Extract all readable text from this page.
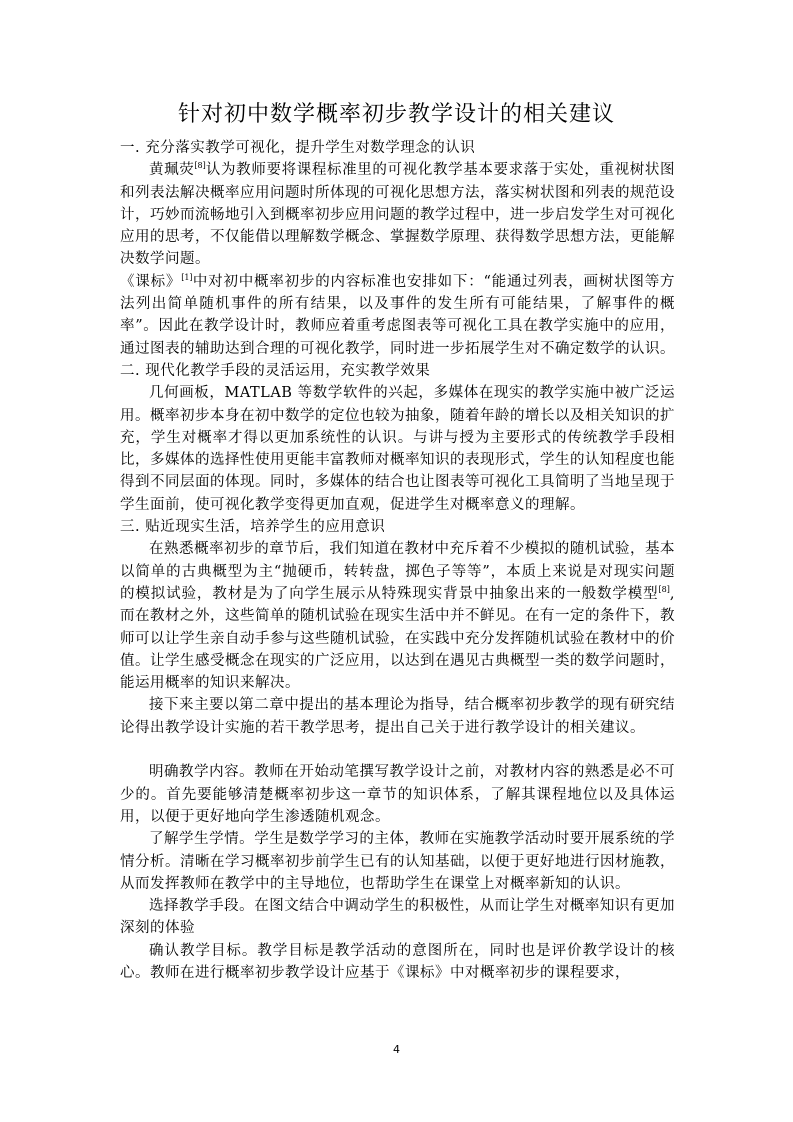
针对初中数学概率初步教学设计的相关建议

一. 充分落实教学可视化，提升学生对数学理念的认识

黄珮荧[8]认为教师要将课程标准里的可视化教学基本要求落于实处，重视树状图和列表法解决概率应用问题时所体现的可视化思想方法，落实树状图和列表的规范设计，巧妙而流畅地引入到概率初步应用问题的教学过程中，进一步启发学生对可视化应用的思考，不仅能借以理解数学概念、掌握数学原理、获得数学思想方法，更能解决数学问题。

《课标》[1]中对初中概率初步的内容标准也安排如下：“能通过列表，画树状图等方法列出简单随机事件的所有结果，以及事件的发生所有可能结果，了解事件的概率”。因此在教学设计时，教师应着重考虑图表等可视化工具在教学实施中的应用，通过图表的辅助达到合理的可视化教学，同时进一步拓展学生对不确定数学的认识。

二. 现代化教学手段的灵活运用，充实教学效果

几何画板，MATLAB 等数学软件的兴起，多媒体在现实的教学实施中被广泛运用。概率初步本身在初中数学的定位也较为抽象，随着年龄的增长以及相关知识的扩充，学生对概率才得以更加系统性的认识。与讲与授为主要形式的传统教学手段相比，多媒体的选择性使用更能丰富教师对概率知识的表现形式，学生的认知程度也能得到不同层面的体现。同时，多媒体的结合也让图表等可视化工具简明了当地呈现于学生面前，使可视化教学变得更加直观，促进学生对概率意义的理解。

三. 贴近现实生活，培养学生的应用意识

在熟悉概率初步的章节后，我们知道在教材中充斥着不少模拟的随机试验，基本以简单的古典概型为主“抛硬币，转转盘，掷色子等等”，本质上来说是对现实问题的模拟试验，教材是为了向学生展示从特殊现实背景中抽象出来的一般数学模型[8],而在教材之外，这些简单的随机试验在现实生活中并不鲜见。在有一定的条件下，教师可以让学生亲自动手参与这些随机试验，在实践中充分发挥随机试验在教材中的价值。让学生感受概念在现实的广泛应用，以达到在遇见古典概型一类的数学问题时，能运用概率的知识来解决。

接下来主要以第二章中提出的基本理论为指导，结合概率初步教学的现有研究结论得出教学设计实施的若干教学思考，提出自己关于进行教学设计的相关建议。

明确教学内容。教师在开始动笔撰写教学设计之前，对教材内容的熟悉是必不可少的。首先要能够清楚概率初步这一章节的知识体系，了解其课程地位以及具体运用，以便于更好地向学生渗透随机观念。

了解学生学情。学生是数学学习的主体，教师在实施教学活动时要开展系统的学情分析。清晰在学习概率初步前学生已有的认知基础，以便于更好地进行因材施教，从而发挥教师在教学中的主导地位，也帮助学生在课堂上对概率新知的认识。

选择教学手段。在图文结合中调动学生的积极性，从而让学生对概率知识有更加深刻的体验

确认教学目标。教学目标是教学活动的意图所在，同时也是评价教学设计的核心。教师在进行概率初步教学设计应基于《课标》中对概率初步的课程要求，

4
